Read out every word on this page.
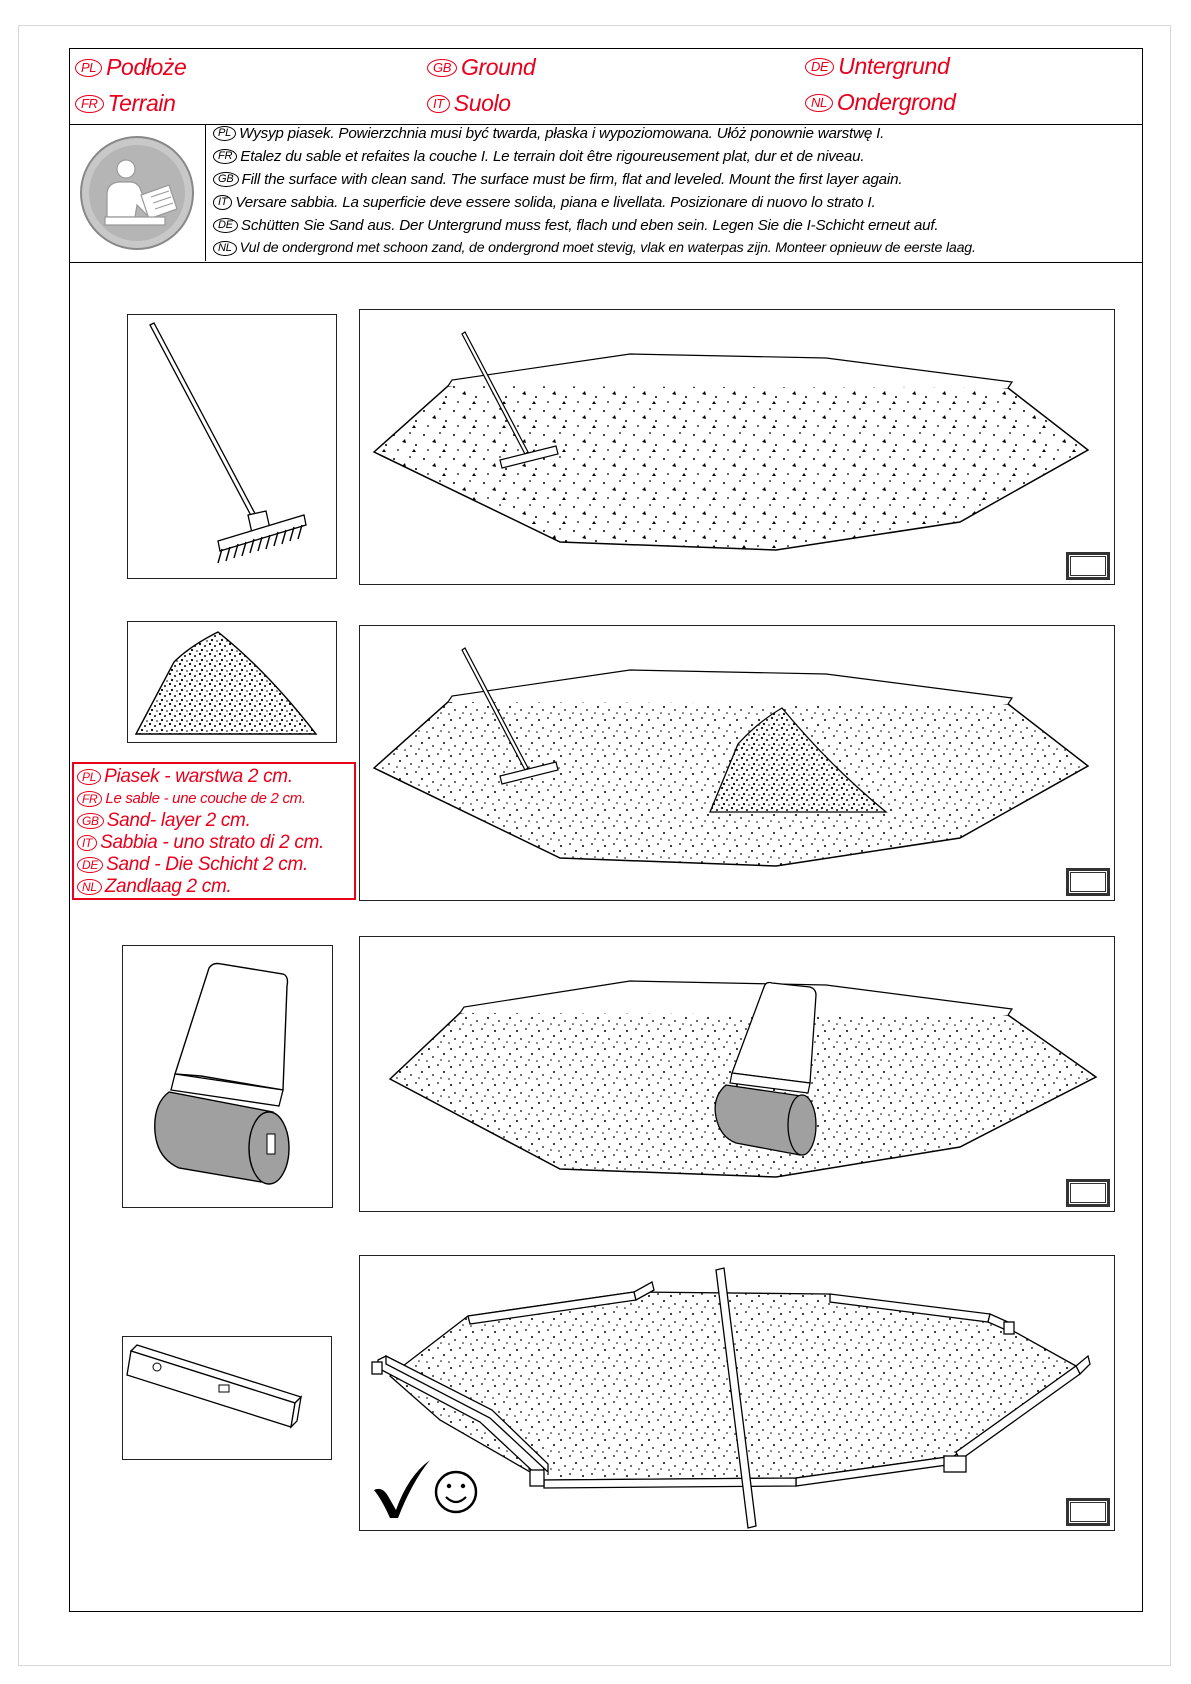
PL Podłoże	GB Ground	DE Untergrund
FR Terrain	IT Suolo	NL Ondergrond
PL Wysyp piasek. Powierzchnia musi być twarda, płaska i wypoziomowana. Ułóż ponownie warstwę I.
FR Etalez du sable et refaites la couche I. Le terrain doit être rigoureusement plat, dur et de niveau.
GB Fill the surface with clean sand. The surface must be firm, flat and leveled. Mount the first layer again.
IT Versare sabbia. La superficie deve essere solida, piana e livellata. Posizionare di nuovo lo strato I.
DE Schütten Sie Sand aus. Der Untergrund muss fest, flach und eben sein. Legen Sie die I-Schicht erneut auf.
NL Vul de ondergrond met schoon zand, de ondergrond moet stevig, vlak en waterpas zijn. Monteer opnieuw de eerste laag.
PL Piasek - warstwa 2 cm.
FR Le sable - une couche de 2 cm.
GB Sand- layer 2 cm.
IT Sabbia - uno strato di 2 cm.
DE Sand - Die Schicht 2 cm.
NL Zandlaag 2 cm.
